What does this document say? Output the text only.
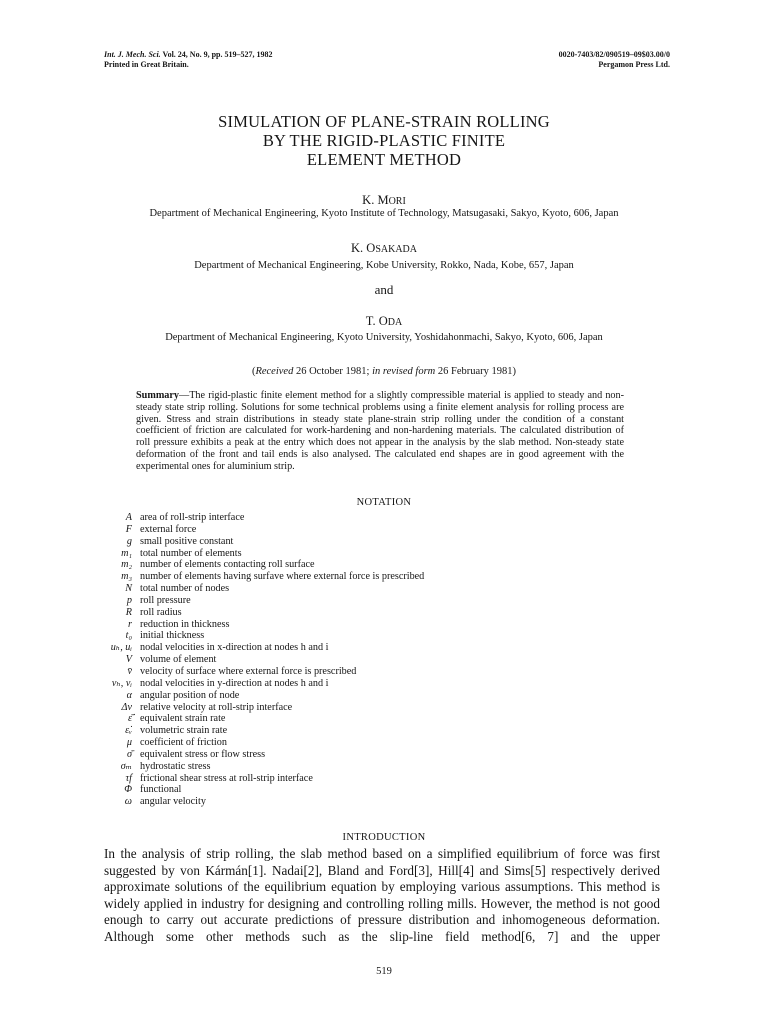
Int. J. Mech. Sci. Vol. 24, No. 9, pp. 519–527, 1982
Printed in Great Britain.
0020-7403/82/090519–09$03.00/0
Pergamon Press Ltd.
SIMULATION OF PLANE-STRAIN ROLLING
BY THE RIGID-PLASTIC FINITE
ELEMENT METHOD
K. MORI
Department of Mechanical Engineering, Kyoto Institute of Technology, Matsugasaki, Sakyo, Kyoto, 606, Japan
K. OSAKADA
Department of Mechanical Engineering, Kobe University, Rokko, Nada, Kobe, 657, Japan
and
T. ODA
Department of Mechanical Engineering, Kyoto University, Yoshidahonmachi, Sakyo, Kyoto, 606, Japan
(Received 26 October 1981; in revised form 26 February 1981)
Summary—The rigid-plastic finite element method for a slightly compressible material is applied to steady and non-steady state strip rolling. Solutions for some technical problems using a finite element analysis for rolling process are given. Stress and strain distributions in steady state plane-strain strip rolling under the condition of a constant coefficient of friction are calculated for work-hardening and non-hardening materials. The calculated distribution of roll pressure exhibits a peak at the entry which does not appear in the analysis by the slab method. Non-steady state deformation of the front and tail ends is also analysed. The calculated end shapes are in good agreement with the experimental ones for aluminium strip.
NOTATION
A area of roll-strip interface
F external force
g small positive constant
m₁ total number of elements
m₂ number of elements contacting roll surface
m₃ number of elements having surfave where external force is prescribed
N total number of nodes
p roll pressure
R roll radius
r reduction in thickness
t₀ initial thickness
uₕ, uᵢ nodal velocities in x-direction at nodes h and i
V volume of element
v̄ velocity of surface where external force is prescribed
vₕ, vᵢ nodal velocities in y-direction at nodes h and i
α angular position of node
Δv relative velocity at roll-strip interface
ε̄̇ equivalent strain rate
ε̇ᵥ volumetric strain rate
μ coefficient of friction
σ̄ equivalent stress or flow stress
σₘ hydrostatic stress
τf frictional shear stress at roll-strip interface
Φ functional
ω angular velocity
INTRODUCTION

In the analysis of strip rolling, the slab method based on a simplified equilibrium of force was first suggested by von Kármán[1]. Nadai[2], Bland and Ford[3], Hill[4] and Sims[5] respectively derived approximate solutions of the equilibrium equation by employing various assumptions. This method is widely applied in industry for designing and controlling rolling mills. However, the method is not good enough to carry out accurate predictions of pressure distribution and inhomogeneous deformation. Although some other methods such as the slip-line field method[6, 7] and the upper

519
